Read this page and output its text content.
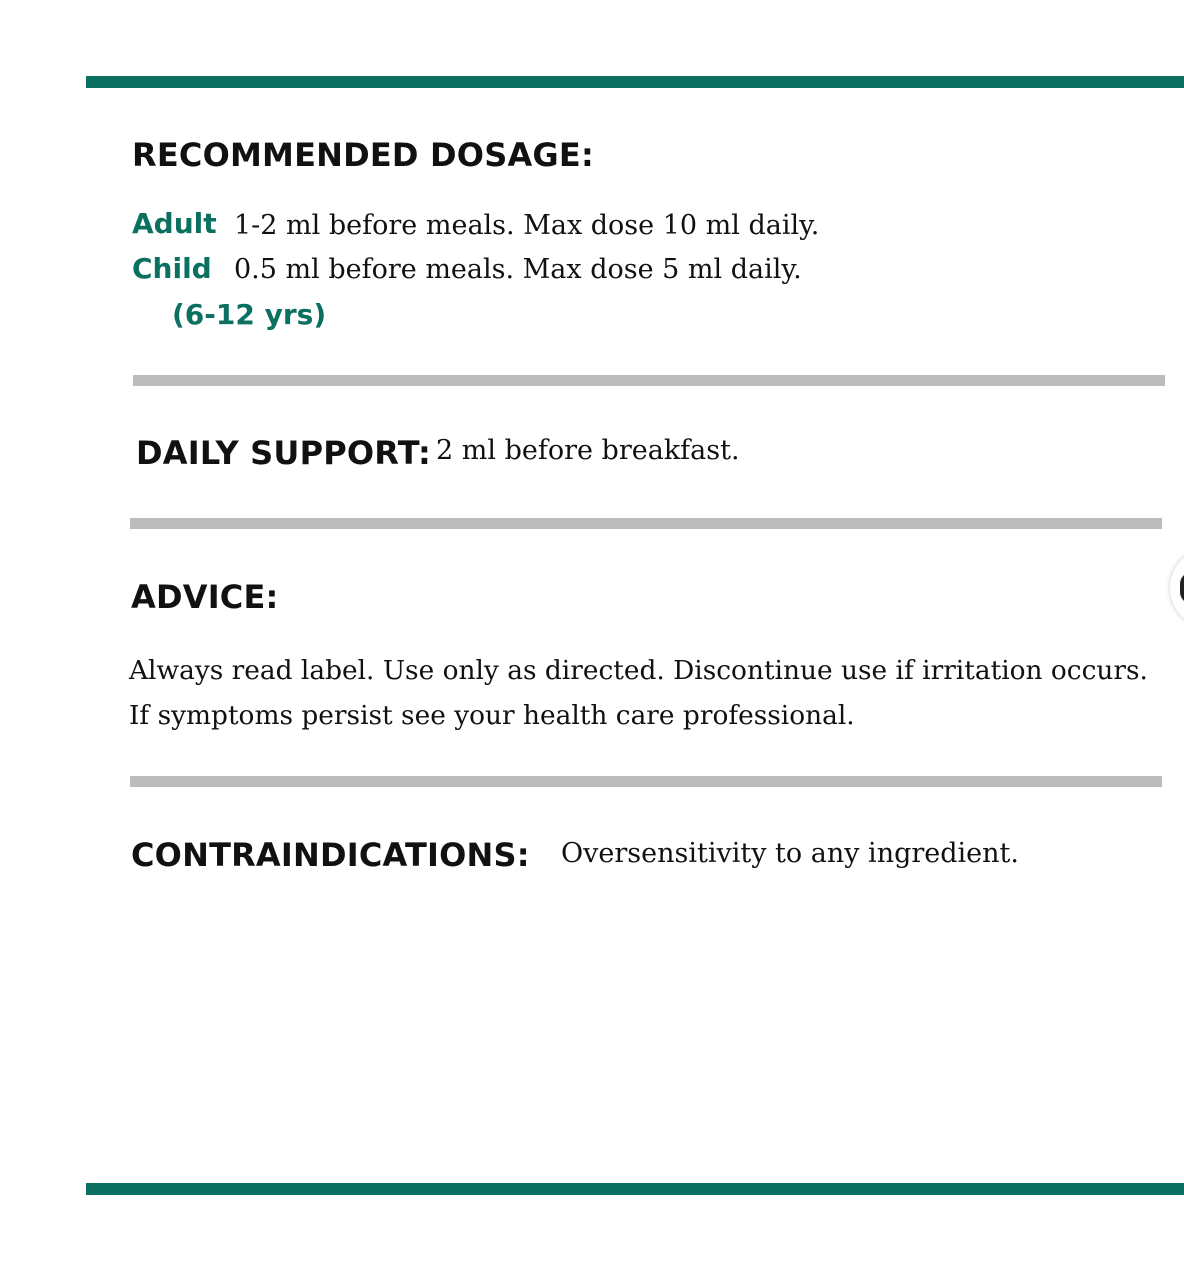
RECOMMENDED DOSAGE:
Adult 1-2 ml before meals. Max dose 10 ml daily.
Child 0.5 ml before meals. Max dose 5 ml daily.
(6-12 yrs)
DAILY SUPPORT: 2 ml before breakfast.
ADVICE:
Always read label. Use only as directed. Discontinue use if irritation occurs. If symptoms persist see your health care professional.
CONTRAINDICATIONS: Oversensitivity to any ingredient.
